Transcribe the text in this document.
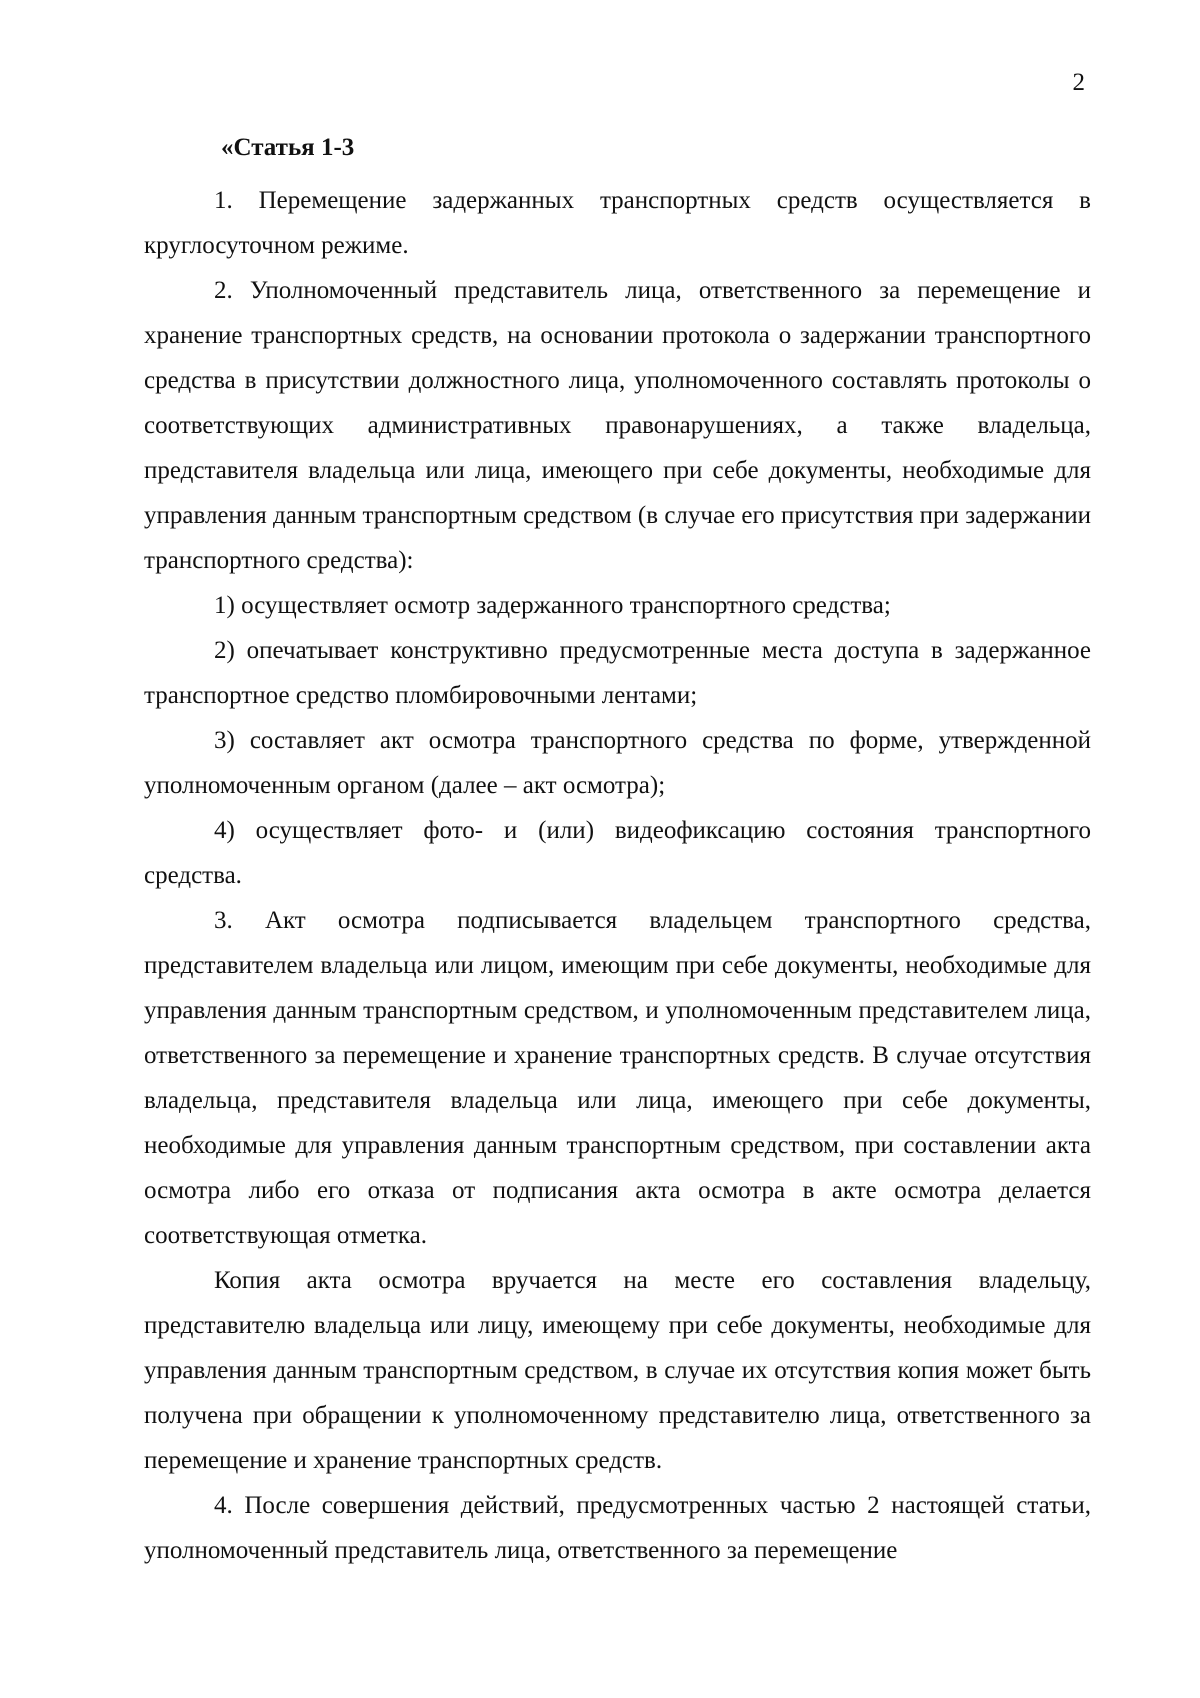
2

«Статья 1-3

1. Перемещение задержанных транспортных средств осуществляется в круглосуточном режиме.

2. Уполномоченный представитель лица, ответственного за перемещение и хранение транспортных средств, на основании протокола о задержании транспортного средства в присутствии должностного лица, уполномоченного составлять протоколы о соответствующих административных правонарушениях, а также владельца, представителя владельца или лица, имеющего при себе документы, необходимые для управления данным транспортным средством (в случае его присутствия при задержании транспортного средства):

1) осуществляет осмотр задержанного транспортного средства;

2) опечатывает конструктивно предусмотренные места доступа в задержанное транспортное средство пломбировочными лентами;

3) составляет акт осмотра транспортного средства по форме, утвержденной уполномоченным органом (далее – акт осмотра);

4) осуществляет фото- и (или) видеофиксацию состояния транспортного средства.

3. Акт осмотра подписывается владельцем транспортного средства, представителем владельца или лицом, имеющим при себе документы, необходимые для управления данным транспортным средством, и уполномоченным представителем лица, ответственного за перемещение и хранение транспортных средств. В случае отсутствия владельца, представителя владельца или лица, имеющего при себе документы, необходимые для управления данным транспортным средством, при составлении акта осмотра либо его отказа от подписания акта осмотра в акте осмотра делается соответствующая отметка.

Копия акта осмотра вручается на месте его составления владельцу, представителю владельца или лицу, имеющему при себе документы, необходимые для управления данным транспортным средством, в случае их отсутствия копия может быть получена при обращении к уполномоченному представителю лица, ответственного за перемещение и хранение транспортных средств.

4. После совершения действий, предусмотренных частью 2 настоящей статьи, уполномоченный представитель лица, ответственного за перемещение
